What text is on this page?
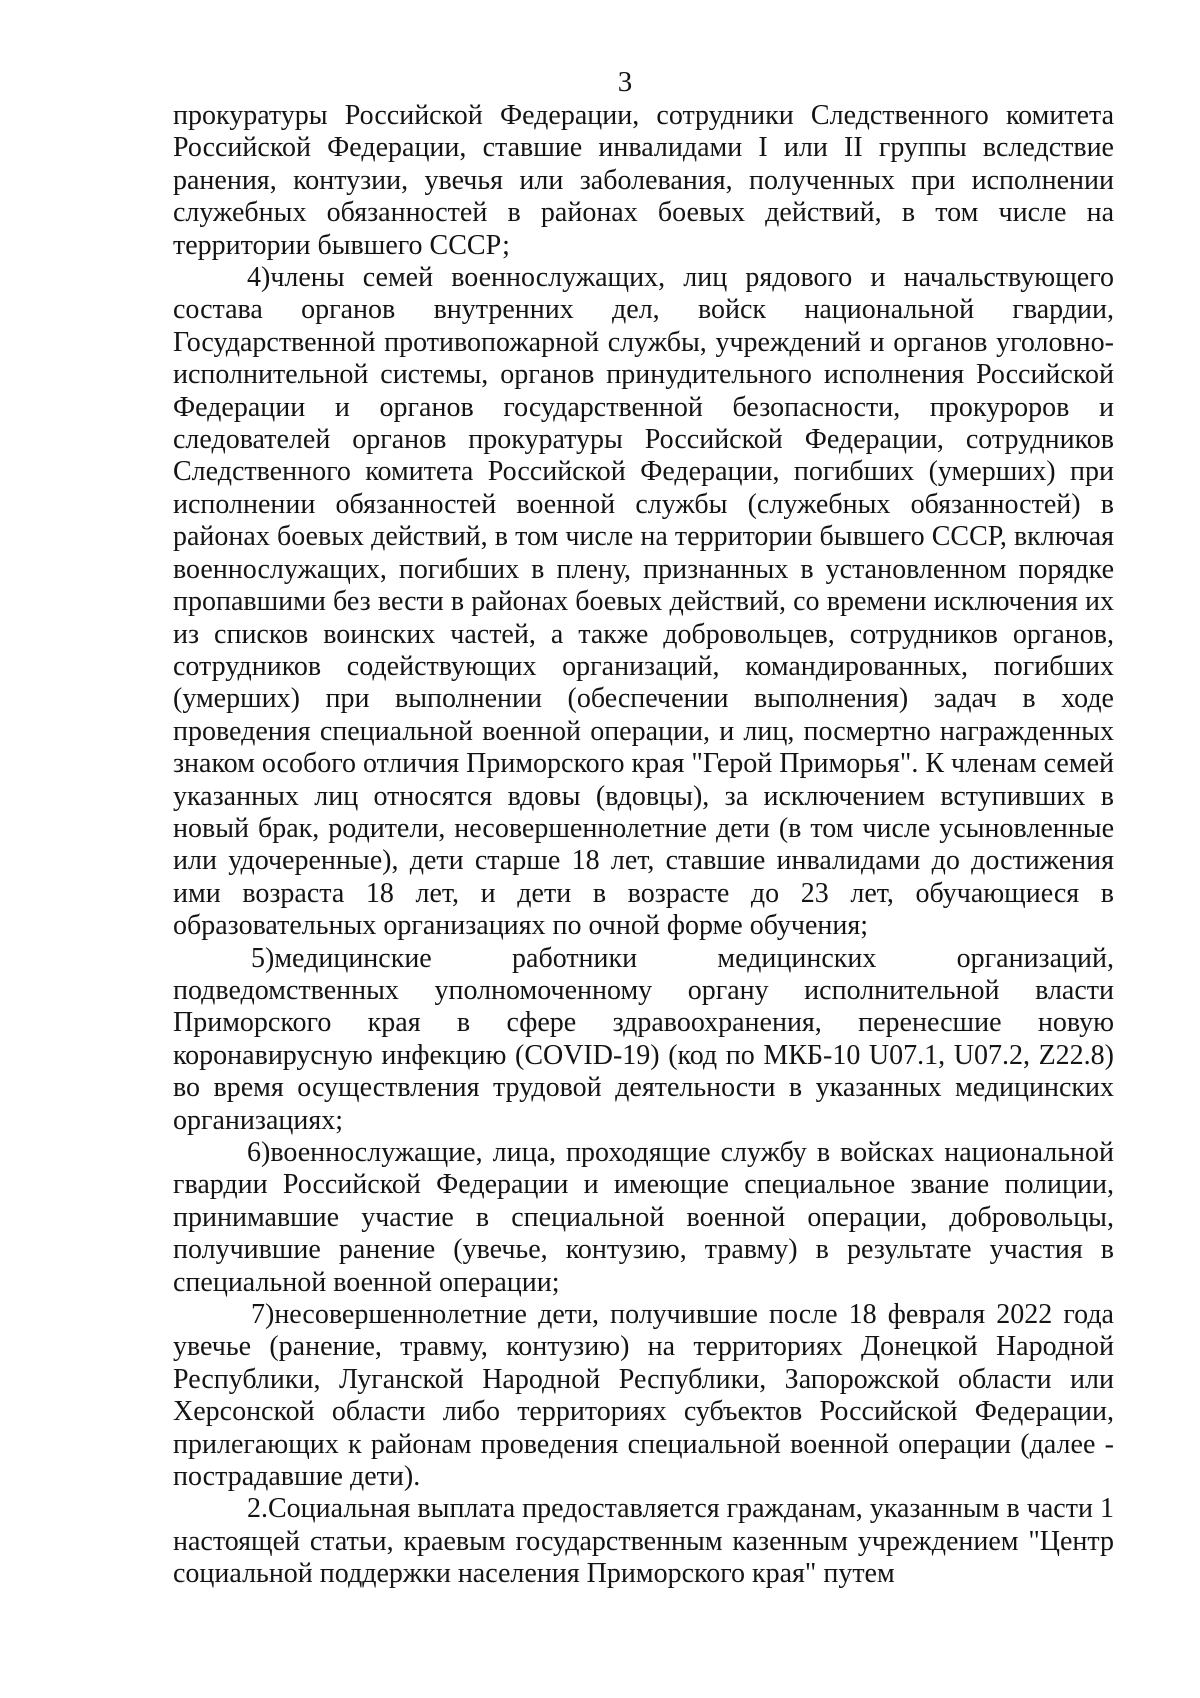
3

прокуратуры Российской Федерации, сотрудники Следственного комитета Российской Федерации, ставшие инвалидами I или II группы вследствие ранения, контузии, увечья или заболевания, полученных при исполнении служебных обязанностей в районах боевых действий, в том числе на территории бывшего СССР;

4)члены семей военнослужащих, лиц рядового и начальствующего состава органов внутренних дел, войск национальной гвардии, Государственной противопожарной службы, учреждений и органов уголовно-исполнительной системы, органов принудительного исполнения Российской Федерации и органов государственной безопасности, прокуроров и следователей органов прокуратуры Российской Федерации, сотрудников Следственного комитета Российской Федерации, погибших (умерших) при исполнении обязанностей военной службы (служебных обязанностей) в районах боевых действий, в том числе на территории бывшего СССР, включая военнослужащих, погибших в плену, признанных в установленном порядке пропавшими без вести в районах боевых действий, со времени исключения их из списков воинских частей, а также добровольцев, сотрудников органов, сотрудников содействующих организаций, командированных, погибших (умерших) при выполнении (обеспечении выполнения) задач в ходе проведения специальной военной операции, и лиц, посмертно награжденных знаком особого отличия Приморского края "Герой Приморья". К членам семей указанных лиц относятся вдовы (вдовцы), за исключением вступивших в новый брак, родители, несовершеннолетние дети (в том числе усыновленные или удочеренные), дети старше 18 лет, ставшие инвалидами до достижения ими возраста 18 лет, и дети в возрасте до 23 лет, обучающиеся в образовательных организациях по очной форме обучения;

5)медицинские работники медицинских организаций, подведомственных уполномоченному органу исполнительной власти Приморского края в сфере здравоохранения, перенесшие новую коронавирусную инфекцию (COVID-19) (код по МКБ-10 U07.1, U07.2, Z22.8) во время осуществления трудовой деятельности в указанных медицинских организациях;

6)военнослужащие, лица, проходящие службу в войсках национальной гвардии Российской Федерации и имеющие специальное звание полиции, принимавшие участие в специальной военной операции, добровольцы, получившие ранение (увечье, контузию, травму) в результате участия в специальной военной операции;

7)несовершеннолетние дети, получившие после 18 февраля 2022 года увечье (ранение, травму, контузию) на территориях Донецкой Народной Республики, Луганской Народной Республики, Запорожской области или Херсонской области либо территориях субъектов Российской Федерации, прилегающих к районам проведения специальной военной операции (далее - пострадавшие дети).

2.Социальная выплата предоставляется гражданам, указанным в части 1 настоящей статьи, краевым государственным казенным учреждением "Центр социальной поддержки населения Приморского края" путем
